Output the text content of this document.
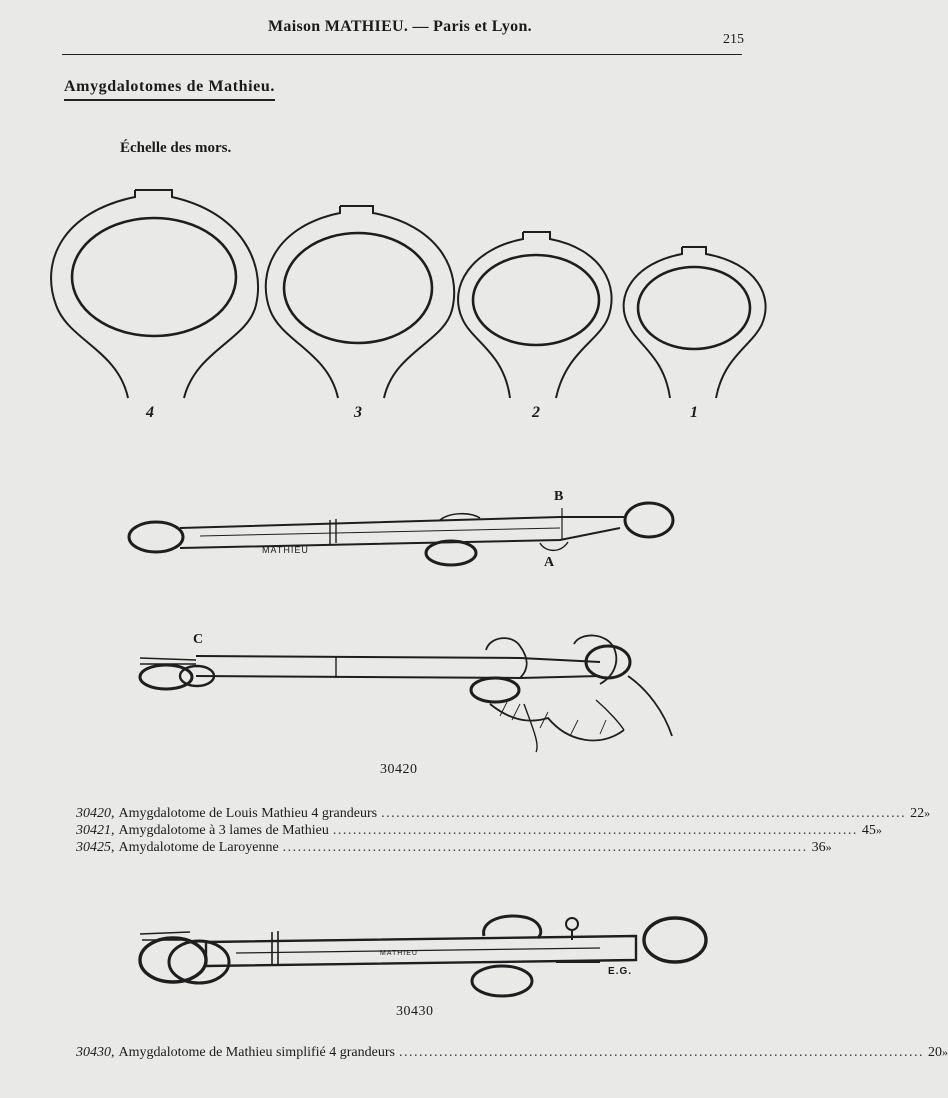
Maison MATHIEU. — Paris et Lyon.
215
Amygdalotomes de Mathieu.
Échelle des mors.
4	3	2	1
B
A
C
MATHIEU
30420
30420 , Amygdalotome de Louis Mathieu 4 grandeurs ......................................................................................................... 22 »
30421 , Amygdalotome à 3 lames de Mathieu ......................................................................................................... 45 »
30425 , Amydalotome de Laroyenne ......................................................................................................... 36 »
MATHIEU
E.G.
30430
30430 , Amygdalotome de Mathieu simplifié 4 grandeurs ......................................................................................................... 20 »
